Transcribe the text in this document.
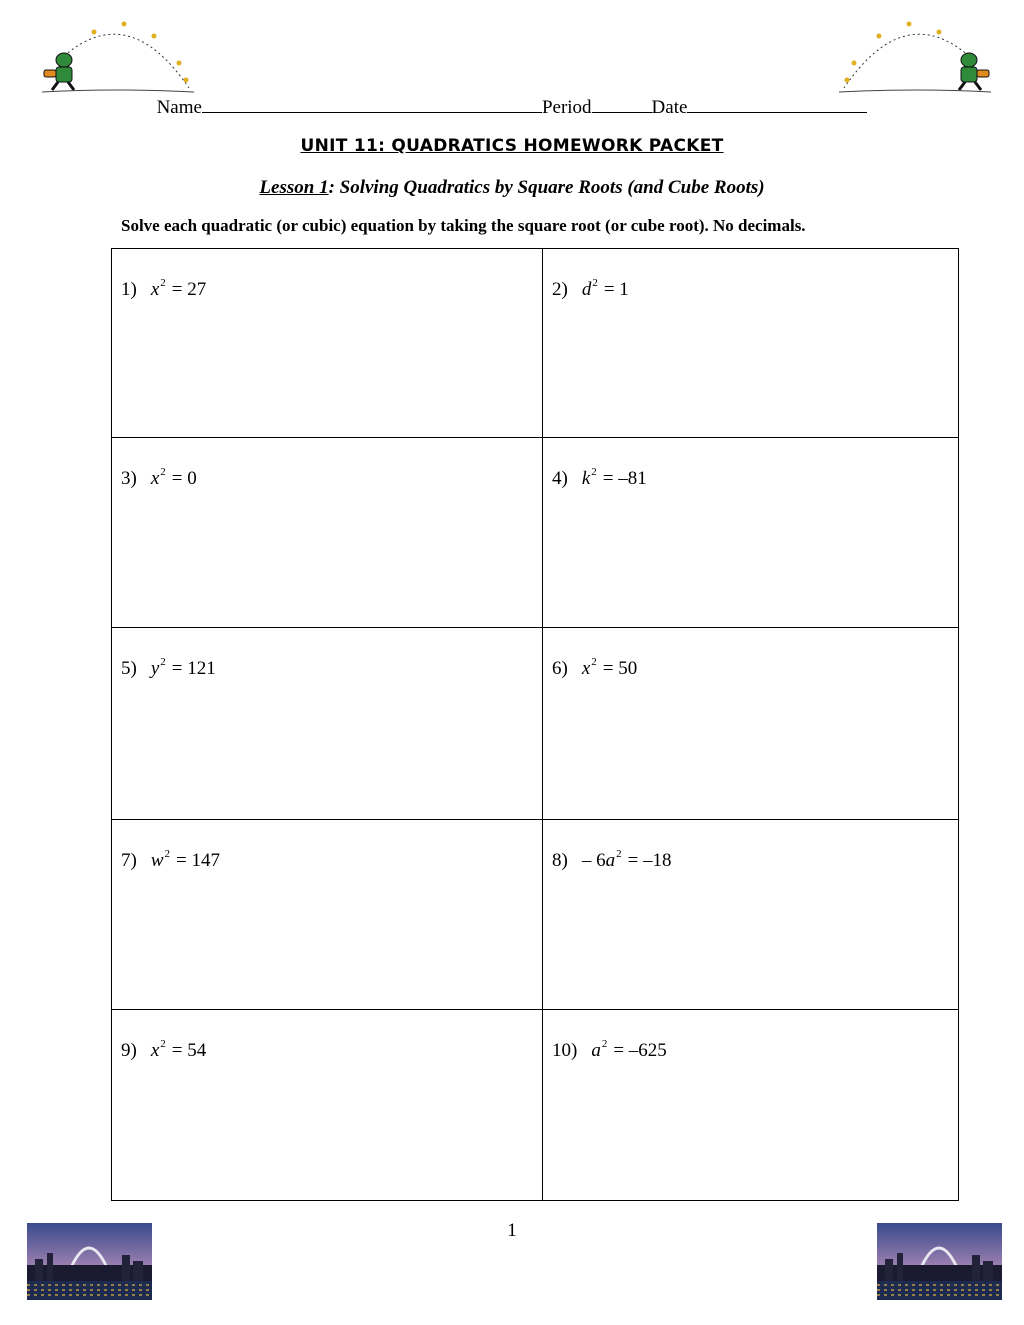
Name	Period	Date
UNIT 11: QUADRATICS HOMEWORK PACKET
Lesson 1: Solving Quadratics by Square Roots (and Cube Roots)
Solve each quadratic (or cubic) equation by taking the square root (or cube root). No decimals.
1) $x^2 = 27$	2) $d^2 = 1$

3) $x^2 = 0$	4) $k^2 = -81$

5) $y^2 = 121$	6) $x^2 = 50$

7) $w^2 = 147$	$8) - 6a^2 = -18$

9) $x^2 = 54$	10) $a^2 = -625$
1
